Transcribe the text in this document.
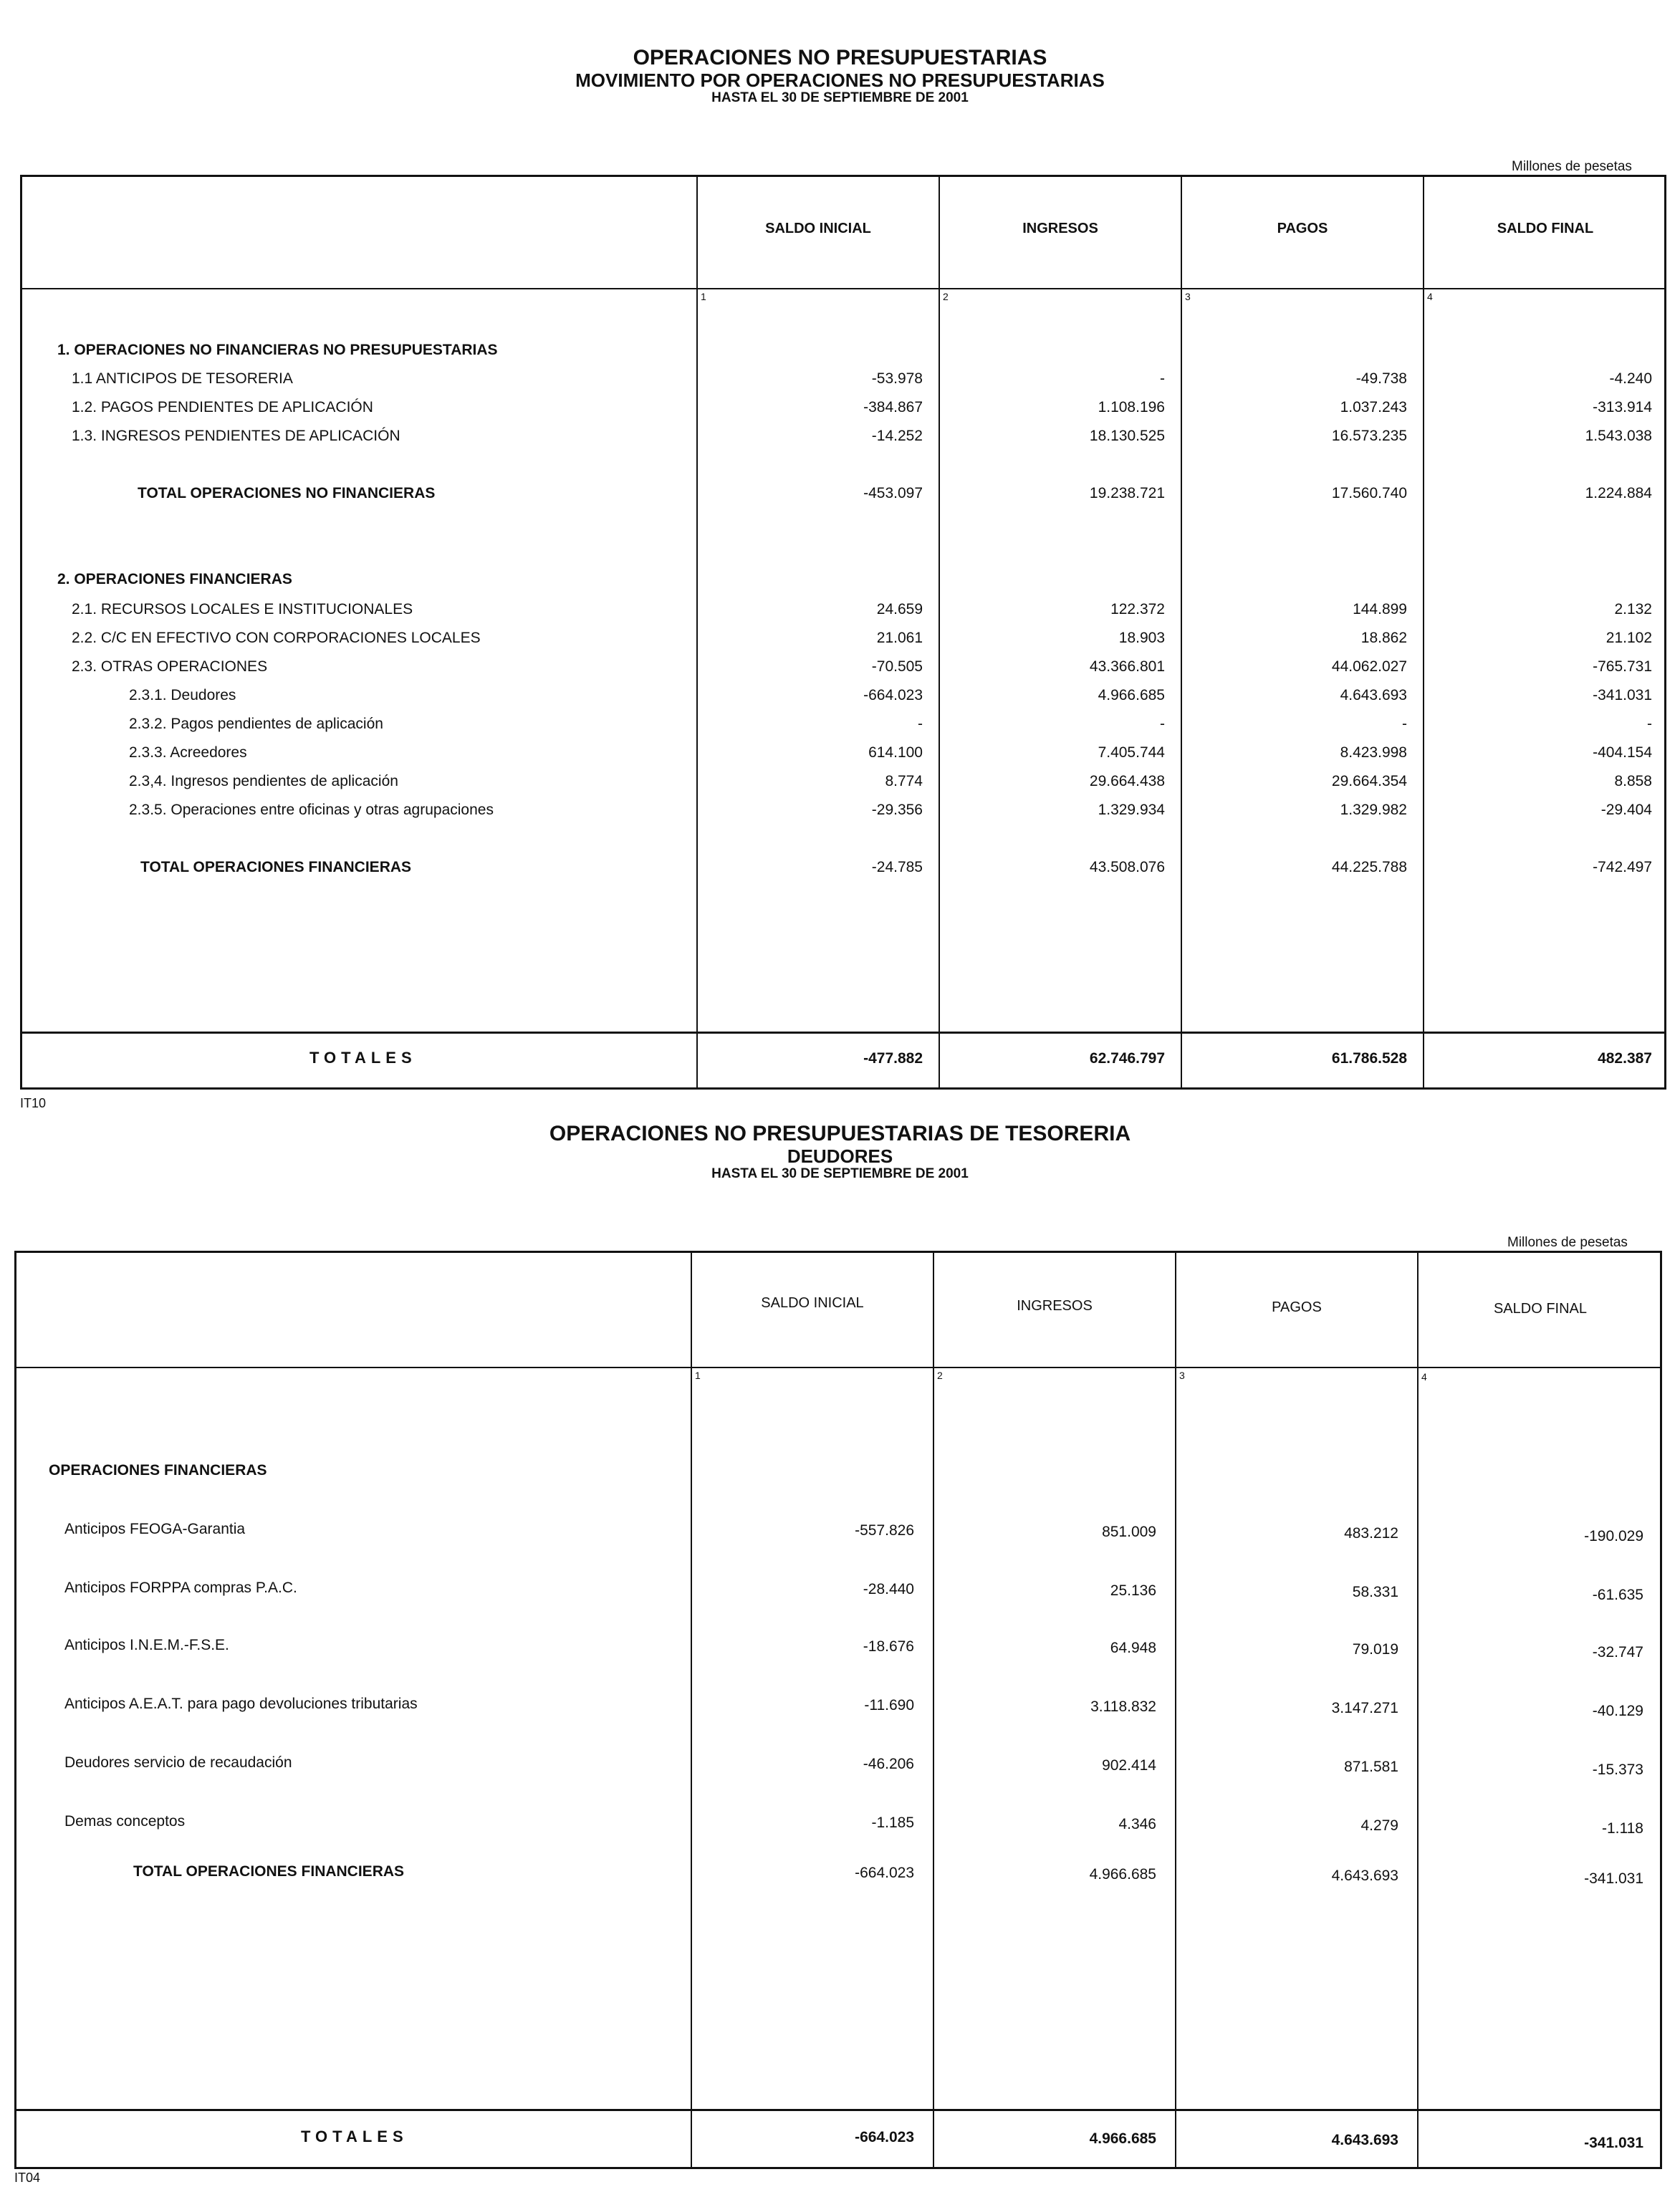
OPERACIONES NO PRESUPUESTARIAS
MOVIMIENTO POR OPERACIONES NO PRESUPUESTARIAS
HASTA EL 30 DE SEPTIEMBRE DE 2001
Millones de pesetas
SALDO INICIAL	INGRESOS	PAGOS	SALDO FINAL
1	2	3	4
1. OPERACIONES NO FINANCIERAS NO PRESUPUESTARIAS
1.1 ANTICIPOS DE TESORERIA	-53.978	-	-49.738	-4.240
1.2. PAGOS PENDIENTES DE APLICACIÓN	-384.867	1.108.196	1.037.243	-313.914
1.3. INGRESOS PENDIENTES DE APLICACIÓN	-14.252	18.130.525	16.573.235	1.543.038
TOTAL OPERACIONES NO FINANCIERAS	-453.097	19.238.721	17.560.740	1.224.884
2. OPERACIONES FINANCIERAS
2.1. RECURSOS LOCALES E INSTITUCIONALES	24.659	122.372	144.899	2.132
2.2. C/C EN EFECTIVO CON CORPORACIONES LOCALES	21.061	18.903	18.862	21.102
2.3. OTRAS OPERACIONES	-70.505	43.366.801	44.062.027	-765.731
2.3.1. Deudores	-664.023	4.966.685	4.643.693	-341.031
2.3.2. Pagos pendientes de aplicación	-	-	-	-
2.3.3. Acreedores	614.100	7.405.744	8.423.998	-404.154
2.3,4. Ingresos pendientes de aplicación	8.774	29.664.438	29.664.354	8.858
2.3.5. Operaciones entre oficinas y otras agrupaciones	-29.356	1.329.934	1.329.982	-29.404
TOTAL OPERACIONES FINANCIERAS	-24.785	43.508.076	44.225.788	-742.497
TOTALES	-477.882	62.746.797	61.786.528	482.387
IT10
OPERACIONES NO PRESUPUESTARIAS DE TESORERIA
DEUDORES
HASTA EL 30 DE SEPTIEMBRE DE 2001
Millones de pesetas
SALDO INICIAL	INGRESOS	PAGOS	SALDO FINAL
1	2	3	4
OPERACIONES FINANCIERAS
Anticipos FEOGA-Garantia	-557.826	851.009	483.212	-190.029
Anticipos FORPPA compras P.A.C.	-28.440	25.136	58.331	-61.635
Anticipos I.N.E.M.-F.S.E.	-18.676	64.948	79.019	-32.747
Anticipos A.E.A.T. para pago devoluciones tributarias	-11.690	3.118.832	3.147.271	-40.129
Deudores servicio de recaudación	-46.206	902.414	871.581	-15.373
Demas conceptos	-1.185	4.346	4.279	-1.118
TOTAL OPERACIONES FINANCIERAS	-664.023	4.966.685	4.643.693	-341.031
TOTALES	-664.023	4.966.685	4.643.693	-341.031
IT04
